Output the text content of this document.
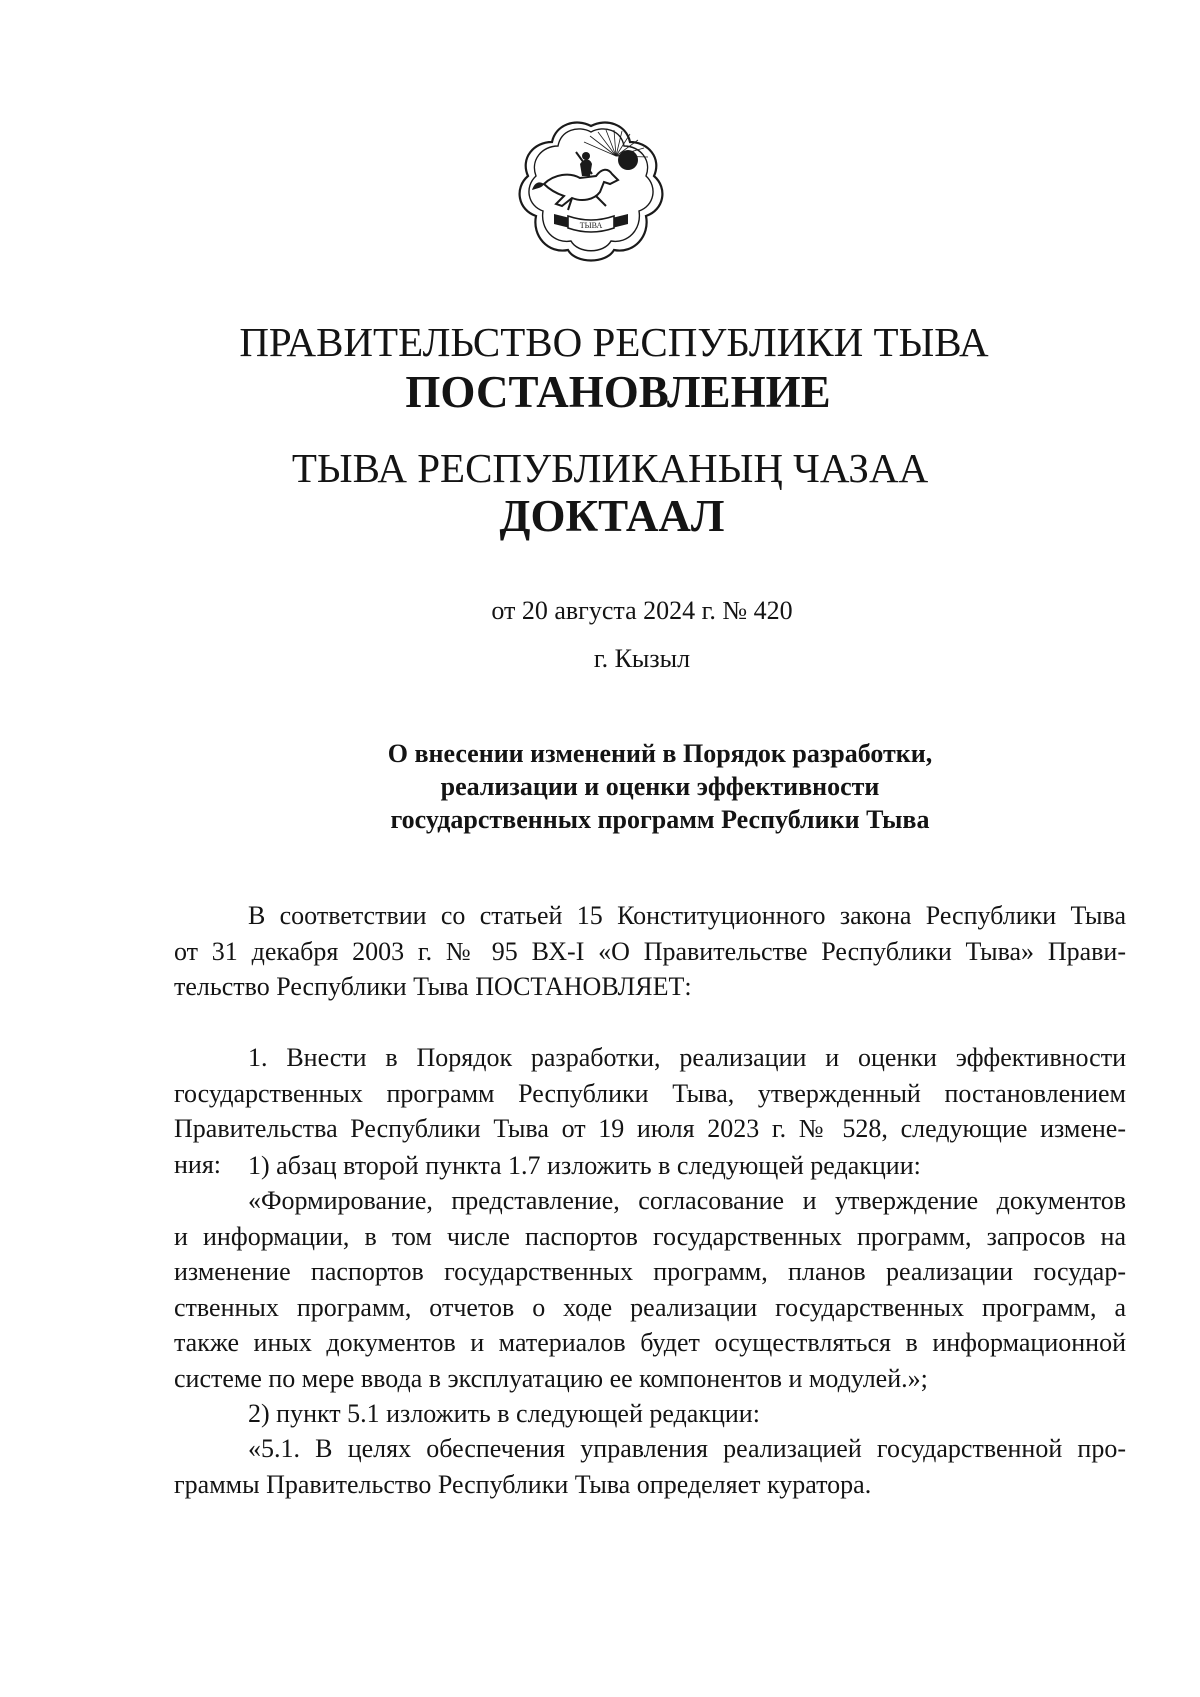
ТЫВА
ПРАВИТЕЛЬСТВО РЕСПУБЛИКИ ТЫВА
ПОСТАНОВЛЕНИЕ
ТЫВА РЕСПУБЛИКАНЫҢ ЧАЗАА
ДОКТААЛ
от 20 августа 2024 г. № 420
г. Кызыл
О внесении изменений в Порядок разработки,
реализации и оценки эффективности
государственных программ Республики Тыва
В соответствии со статьей 15 Конституционного закона Республики Тыва
от 31 декабря 2003 г. № 95 ВХ-I «О Правительстве Республики Тыва» Прави-
тельство Республики Тыва ПОСТАНОВЛЯЕТ:
1. Внести в Порядок разработки, реализации и оценки эффективности
государственных программ Республики Тыва, утвержденный постановлением
Правительства Республики Тыва от 19 июля 2023 г. № 528, следующие измене-
ния:	1) абзац второй пункта 1.7 изложить в следующей редакции:
«Формирование, представление, согласование и утверждение документов
и информации, в том числе паспортов государственных программ, запросов на
изменение паспортов государственных программ, планов реализации государ-
ственных программ, отчетов о ходе реализации государственных программ, а
также иных документов и материалов будет осуществляться в информационной
системе по мере ввода в эксплуатацию ее компонентов и модулей.»;
2) пункт 5.1 изложить в следующей редакции:
«5.1. В целях обеспечения управления реализацией государственной про-
граммы Правительство Республики Тыва определяет куратора.
